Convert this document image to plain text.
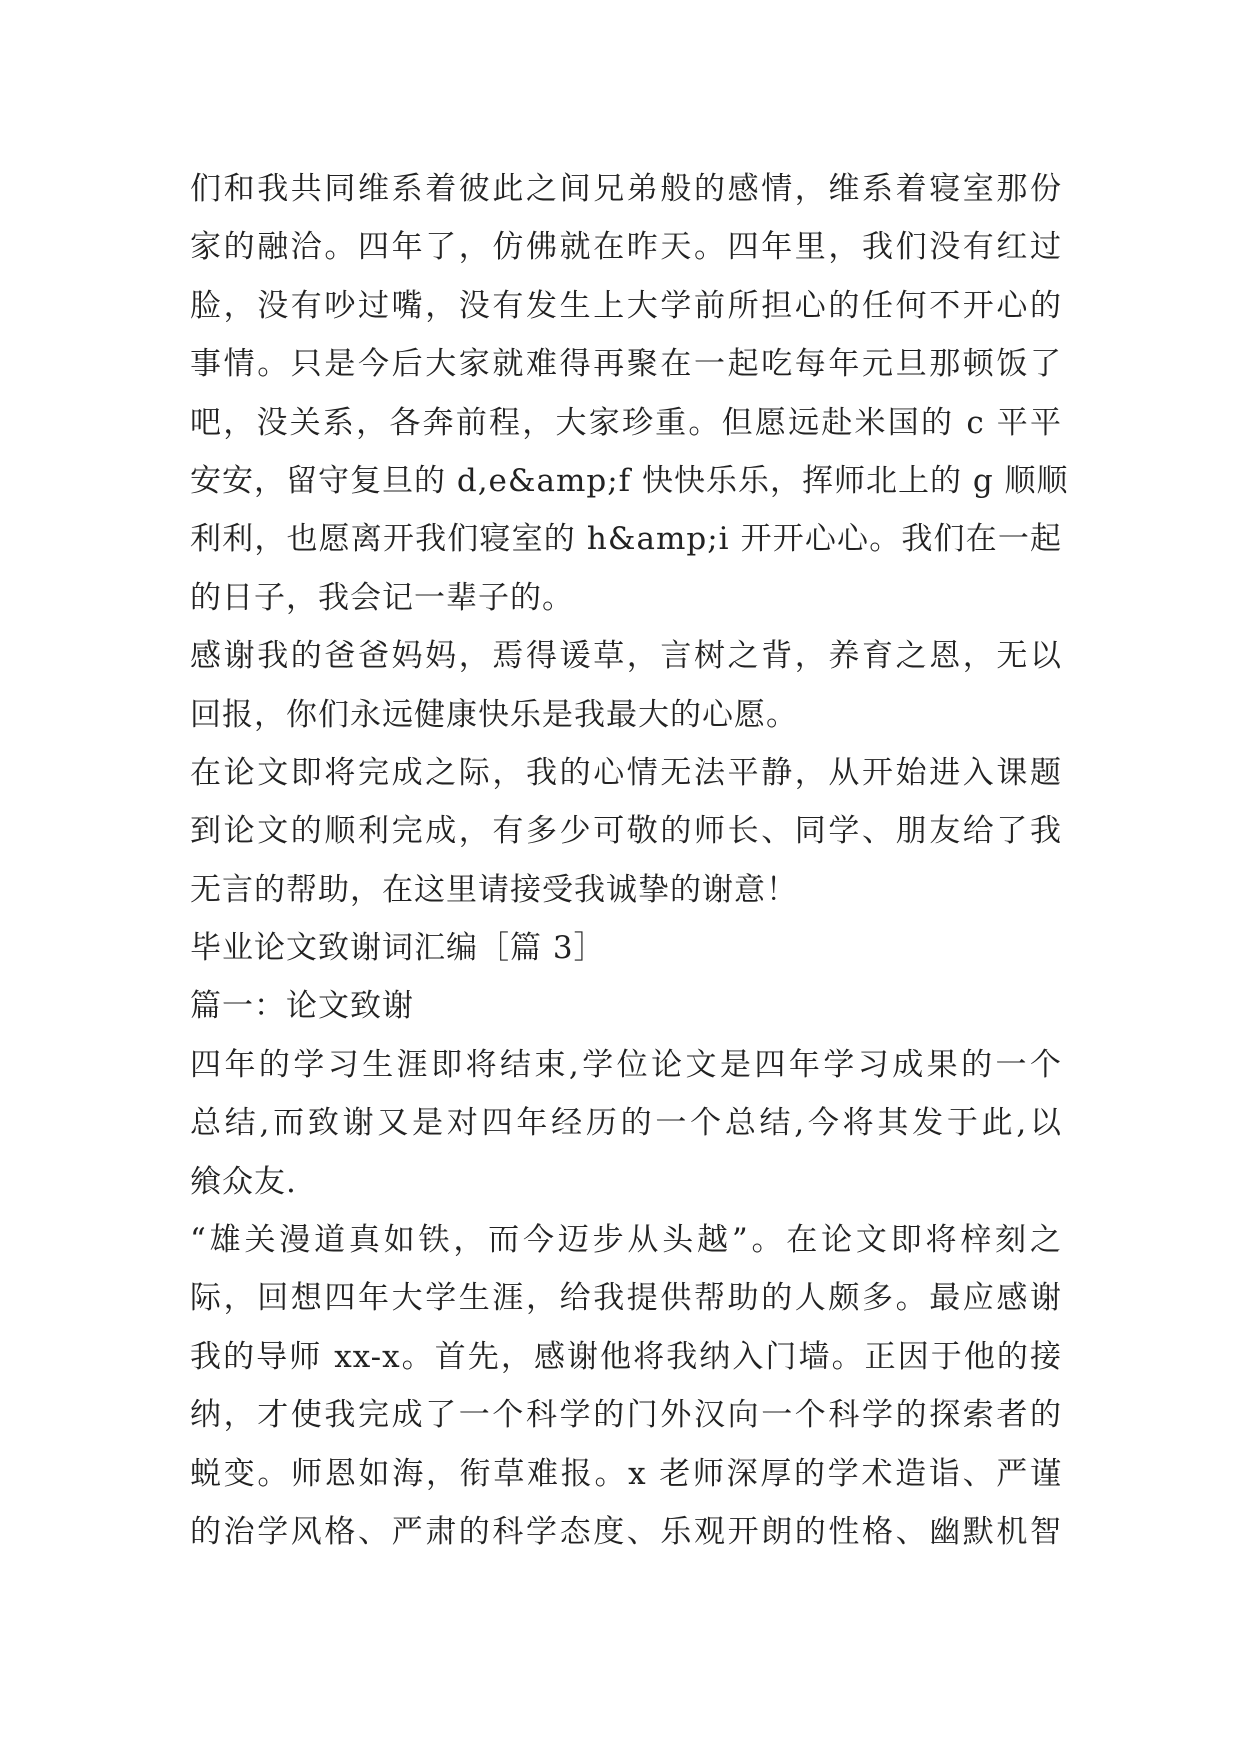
们和我共同维系着彼此之间兄弟般的感情，维系着寝室那份
家的融洽。四年了，仿佛就在昨天。四年里，我们没有红过
脸，没有吵过嘴，没有发生上大学前所担心的任何不开心的
事情。只是今后大家就难得再聚在一起吃每年元旦那顿饭了
吧，没关系，各奔前程，大家珍重。但愿远赴米国的 c 平平
安安，留守复旦的 d,e&amp;f 快快乐乐，挥师北上的 g 顺顺
利利，也愿离开我们寝室的 h&amp;i 开开心心。我们在一起
的日子，我会记一辈子的。
感谢我的爸爸妈妈，焉得谖草，言树之背，养育之恩，无以
回报，你们永远健康快乐是我最大的心愿。
在论文即将完成之际，我的心情无法平静，从开始进入课题
到论文的顺利完成，有多少可敬的师长、同学、朋友给了我
无言的帮助，在这里请接受我诚挚的谢意！
毕业论文致谢词汇编［篇 3］
篇一：论文致谢
四年的学习生涯即将结束,学位论文是四年学习成果的一个
总结,而致谢又是对四年经历的一个总结,今将其发于此,以
飨众友.
“雄关漫道真如铁，而今迈步从头越”。在论文即将梓刻之
际，回想四年大学生涯，给我提供帮助的人颇多。最应感谢
我的导师 xx-x。首先，感谢他将我纳入门墙。正因于他的接
纳，才使我完成了一个科学的门外汉向一个科学的探索者的
蜕变。师恩如海，衔草难报。x 老师深厚的学术造诣、严谨
的治学风格、严肃的科学态度、乐观开朗的性格、幽默机智
